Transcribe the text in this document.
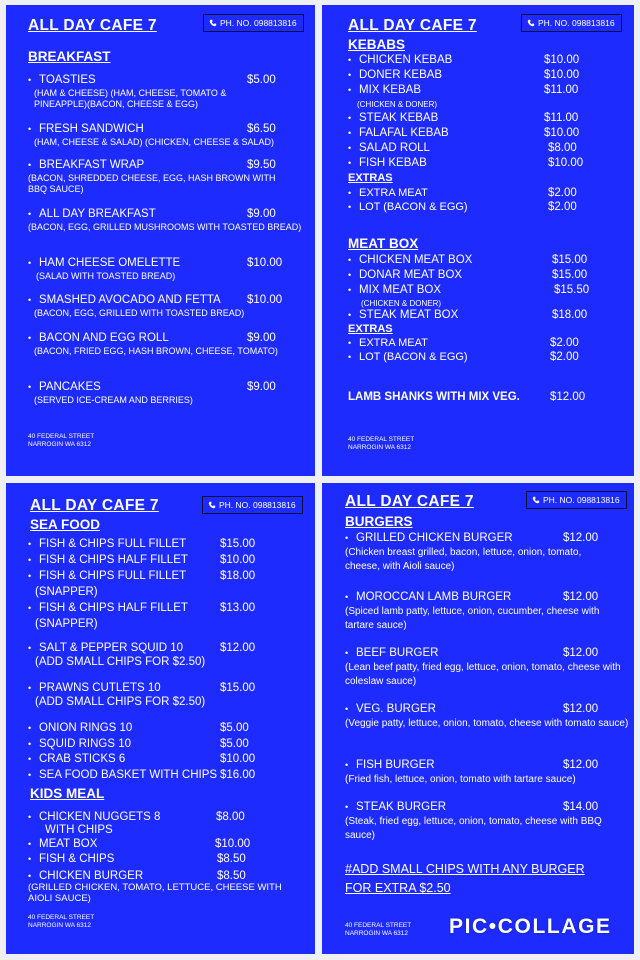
ALL DAY CAFE 7	PH. NO. 098813816
BREAKFAST
• TOASTIES	$5.00
(HAM & CHEESE) (HAM, CHEESE, TOMATO & PINEAPPLE)(BACON, CHEESE & EGG)
• FRESH SANDWICH	$6.50
(HAM, CHEESE & SALAD) (CHICKEN, CHEESE & SALAD)
• BREAKFAST WRAP	$9.50
(BACON, SHREDDED CHEESE, EGG, HASH BROWN WITH BBQ SAUCE)
• ALL DAY BREAKFAST	$9.00
(BACON, EGG, GRILLED MUSHROOMS WITH TOASTED BREAD)
• HAM CHEESE OMELETTE	$10.00
(SALAD WITH TOASTED BREAD)
• SMASHED AVOCADO AND FETTA $10.00
(BACON, EGG, GRILLED WITH TOASTED BREAD)
• BACON AND EGG ROLL	$9.00
(BACON, FRIED EGG, HASH BROWN, CHEESE, TOMATO)
• PANCAKES	$9.00
(SERVED ICE-CREAM AND BERRIES)
40 FEDERAL STREET
NARROGIN WA 6312
ALL DAY CAFE 7	PH. NO. 098813816
KEBABS
• CHICKEN KEBAB	$10.00
• DONER KEBAB	$10.00
• MIX KEBAB	$11.00
(CHICKEN & DONER)
• STEAK KEBAB	$11.00
• FALAFAL KEBAB	$10.00
• SALAD ROLL	$8.00
• FISH KEBAB	$10.00
EXTRAS
• EXTRA MEAT	$2.00
• LOT (BACON & EGG)	$2.00
MEAT BOX
• CHICKEN MEAT BOX	$15.00
• DONAR MEAT BOX	$15.00
• MIX MEAT BOX	$15.50
(CHICKEN & DONER)
• STEAK MEAT BOX	$18.00
EXTRAS
• EXTRA MEAT	$2.00
• LOT (BACON & EGG)	$2.00
LAMB SHANKS WITH MIX VEG.	$12.00
40 FEDERAL STREET
NARROGIN WA 6312
ALL DAY CAFE 7	PH. NO. 098813816
SEA FOOD
• FISH & CHIPS FULL FILLET	$15.00
• FISH & CHIPS HALF FILLET	$10.00
• FISH & CHIPS FULL FILLET	$18.00
(SNAPPER)
• FISH & CHIPS HALF FILLET	$13.00
(SNAPPER)
• SALT & PEPPER SQUID 10	$12.00
(ADD SMALL CHIPS FOR $2.50)
• PRAWNS CUTLETS 10	$15.00
(ADD SMALL CHIPS FOR $2.50)
• ONION RINGS 10	$5.00
• SQUID RINGS 10	$5.00
• CRAB STICKS 6	$10.00
• SEA FOOD BASKET WITH CHIPS $16.00
KIDS MEAL
• CHICKEN NUGGETS 8	$8.00
WITH CHIPS
• MEAT BOX	$10.00
• FISH & CHIPS	$8.50
• CHICKEN BURGER	$8.50
(GRILLED CHICKEN, TOMATO, LETTUCE, CHEESE WITH AIOLI SAUCE)
40 FEDERAL STREET
NARROGIN WA 6312
ALL DAY CAFE 7	PH. NO. 098813816
BURGERS
• GRILLED CHICKEN BURGER	$12.00
(Chicken breast grilled, bacon, lettuce, onion, tomato, cheese, with Aioli sauce)
• MOROCCAN LAMB BURGER	$12.00
(Spiced lamb patty, lettuce, onion, cucumber, cheese with tartare sauce)
• BEEF BURGER	$12.00
(Lean beef patty, fried egg, lettuce, onion, tomato, cheese with coleslaw sauce)
• VEG. BURGER	$12.00
(Veggie patty, lettuce, onion, tomato, cheese with tomato sauce)
• FISH BURGER	$12.00
(Fried fish, lettuce, onion, tomato with tartare sauce)
• STEAK BURGER	$14.00
(Steak, fried egg, lettuce, onion, tomato, cheese with BBQ sauce)
#ADD SMALL CHIPS WITH ANY BURGER
FOR EXTRA $2.50
40 FEDERAL STREET
NARROGIN WA 6312 PIC•COLLAGE
